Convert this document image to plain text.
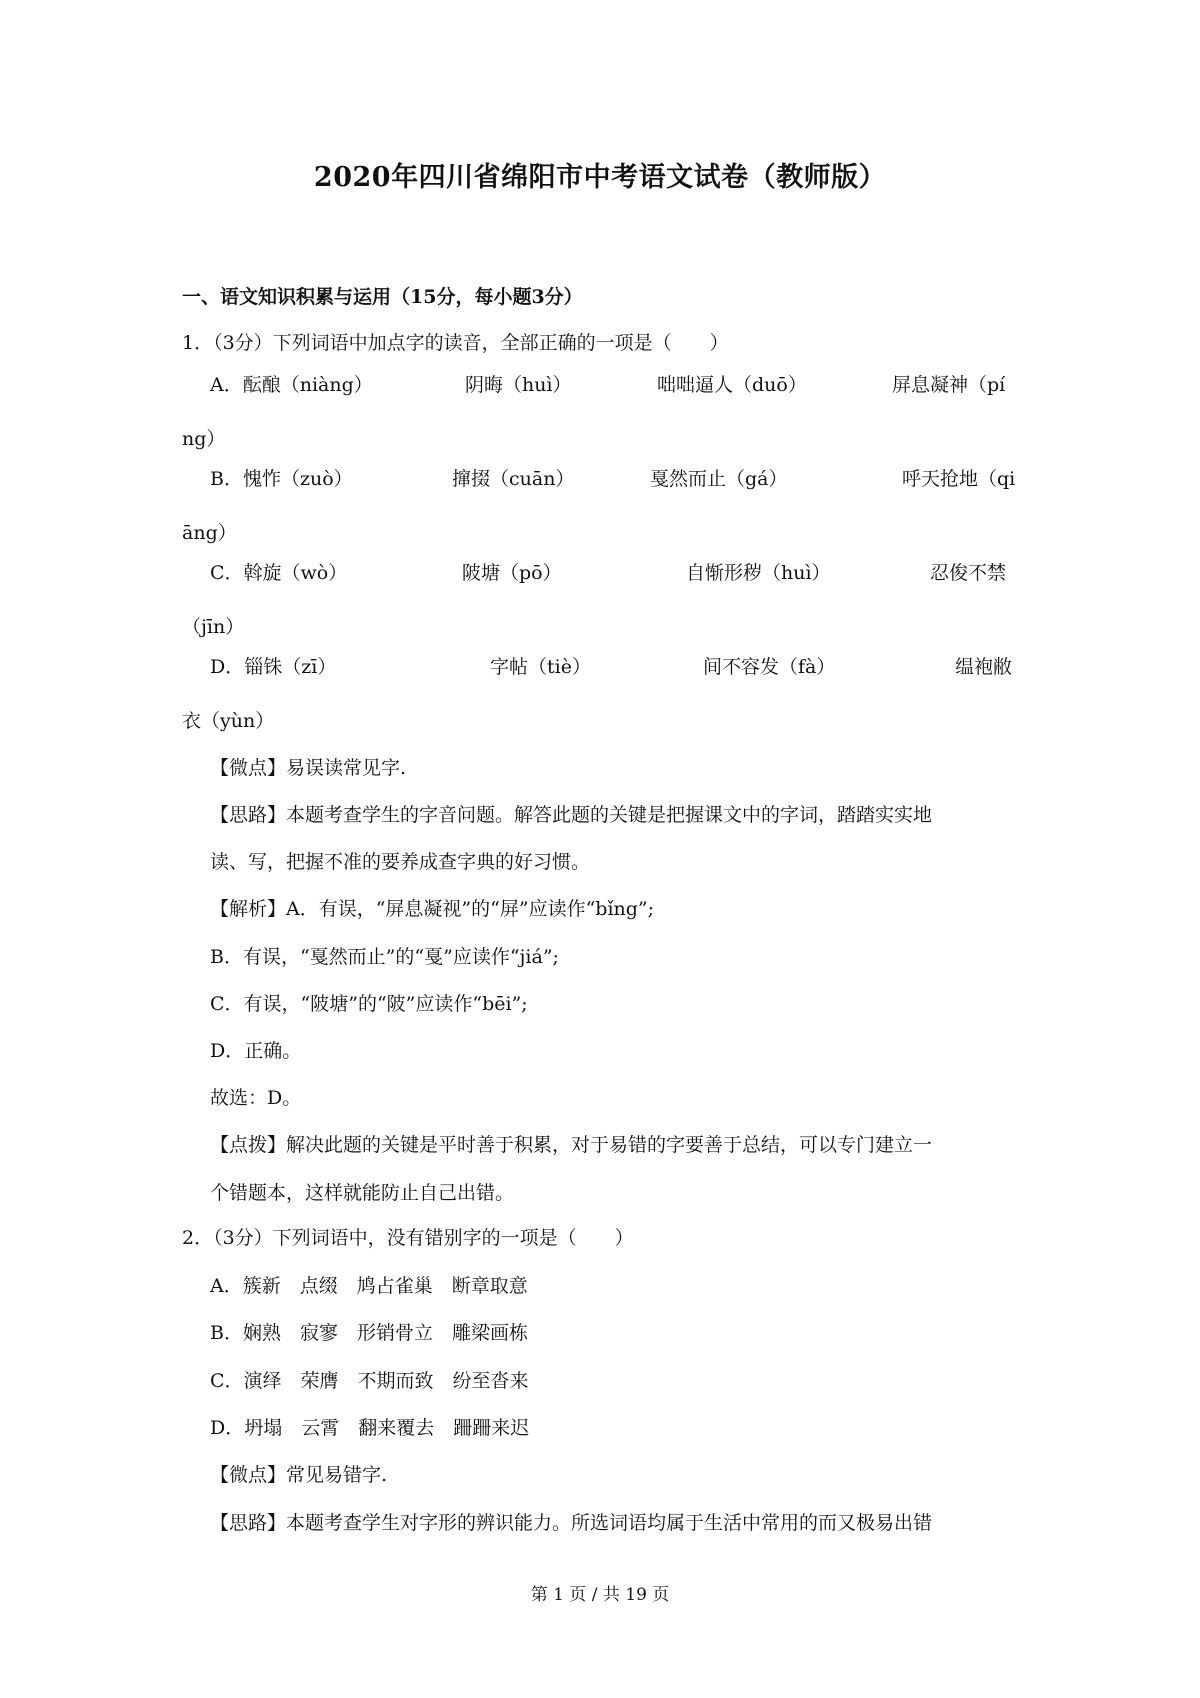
2020年四川省绵阳市中考语文试卷（教师版）
一、语文知识积累与运用（15分，每小题3分）
1．（3分）下列词语中加点字的读音，全部正确的一项是（　　）
A．酝酿（niàng）	阴晦（huì）	咄咄逼人（duō）	屏息凝神（pí
ng）
B．愧怍（zuò）	撺掇（cuān）	戛然而止（gá）	呼天抢地（qi
āng）
C．斡旋（wò）	陂塘（pō）	自惭形秽（huì）	忍俊不禁
（jīn）
D．锱铢（zī）	字帖（tiè）	间不容发（fà）	缊袍敝
衣（yùn）
【微点】易误读常见字.
【思路】本题考查学生的字音问题。解答此题的关键是把握课文中的字词，踏踏实实地
读、写，把握不准的要养成查字典的好习惯。
【解析】A．有误，“屏息凝视”的“屏”应读作“bǐng”;
B．有误，“戛然而止”的“戛”应读作“jiá”;
C．有误，“陂塘”的“陂”应读作“bēi”;
D．正确。
故选：D。
【点拨】解决此题的关键是平时善于积累，对于易错的字要善于总结，可以专门建立一
个错题本，这样就能防止自己出错。
2．（3分）下列词语中，没有错别字的一项是（　　）
A．簇新　点缀　鸠占雀巢　断章取意
B．娴熟　寂寥　形销骨立　雕梁画栋
C．演绎　荣膺　不期而致　纷至沓来
D．坍塌　云霄　翻来覆去　跚跚来迟
【微点】常见易错字.
【思路】本题考查学生对字形的辨识能力。所选词语均属于生活中常用的而又极易出错
第 1 页 / 共 19 页
